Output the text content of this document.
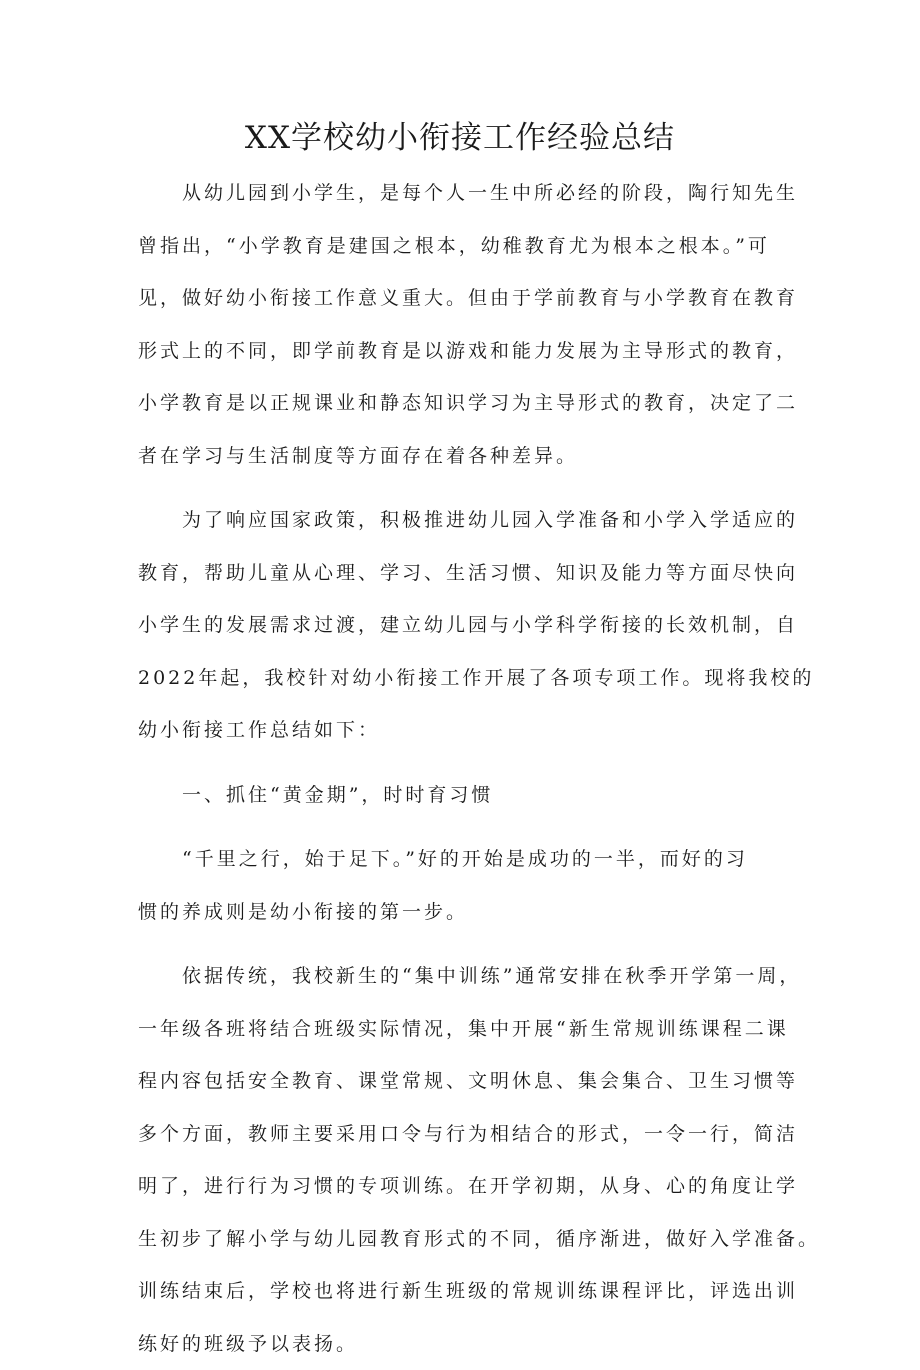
XX学校幼小衔接工作经验总结
　　从幼儿园到小学生，是每个人一生中所必经的阶段，陶行知先生
曾指出，“小学教育是建国之根本，幼稚教育尤为根本之根本。”可
见，做好幼小衔接工作意义重大。但由于学前教育与小学教育在教育
形式上的不同，即学前教育是以游戏和能力发展为主导形式的教育，
小学教育是以正规课业和静态知识学习为主导形式的教育，决定了二
者在学习与生活制度等方面存在着各种差异。
　　为了响应国家政策，积极推进幼儿园入学准备和小学入学适应的
教育，帮助儿童从心理、学习、生活习惯、知识及能力等方面尽快向
小学生的发展需求过渡，建立幼儿园与小学科学衔接的长效机制，自
2022年起，我校针对幼小衔接工作开展了各项专项工作。现将我校的
幼小衔接工作总结如下：
　　一、抓住“黄金期”，时时育习惯
　　“千里之行，始于足下。”好的开始是成功的一半，而好的习
惯的养成则是幼小衔接的第一步。
　　依据传统，我校新生的“集中训练”通常安排在秋季开学第一周，
一年级各班将结合班级实际情况，集中开展“新生常规训练课程二课
程内容包括安全教育、课堂常规、文明休息、集会集合、卫生习惯等
多个方面，教师主要采用口令与行为相结合的形式，一令一行，简洁
明了，进行行为习惯的专项训练。在开学初期，从身、心的角度让学
生初步了解小学与幼儿园教育形式的不同，循序渐进，做好入学准备。
训练结束后，学校也将进行新生班级的常规训练课程评比，评选出训
练好的班级予以表扬。
